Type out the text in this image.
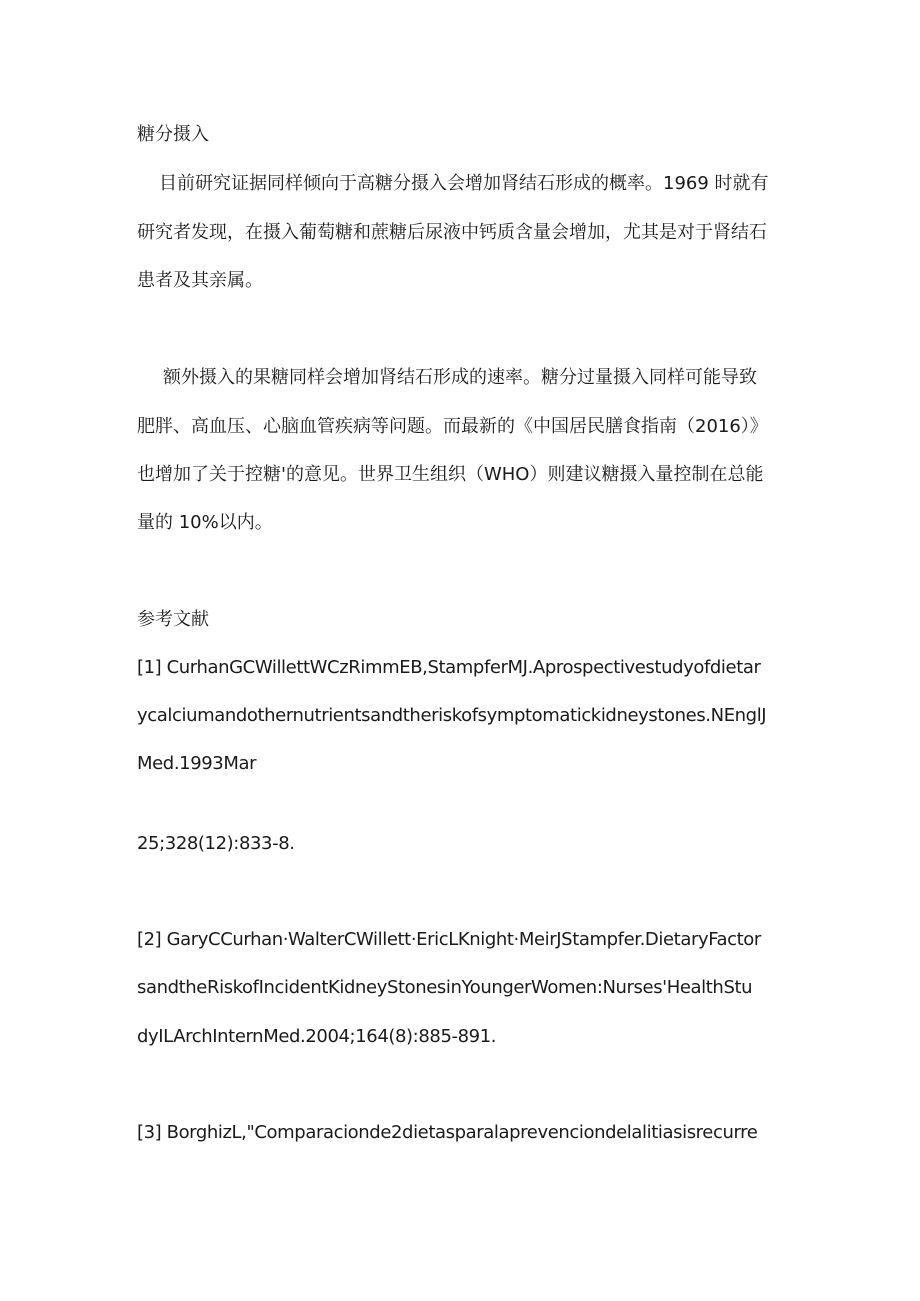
糖分摄入
目前研究证据同样倾向于高糖分摄入会增加肾结石形成的概率。1969 时就有
研究者发现，在摄入葡萄糖和蔗糖后尿液中钙质含量会增加，尤其是对于肾结石
患者及其亲属。
额外摄入的果糖同样会增加肾结石形成的速率。糖分过量摄入同样可能导致
肥胖、高血压、心脑血管疾病等问题。而最新的《中国居民膳食指南（2016）》
也增加了关于控糖'的意见。世界卫生组织（WHO）则建议糖摄入量控制在总能
量的 10%以内。
参考文献
[1] CurhanGCWillettWCzRimmEB,StampferMJ.Aprospectivestudyofdietar
ycalciumandothernutrientsandtheriskofsymptomatickidneystones.NEnglJ
Med.1993Mar
25;328(12):833-8.
[2] GaryCCurhan·WalterCWillett·EricLKnight·MeirJStampfer.DietaryFactor
sandtheRiskofIncidentKidneyStonesinYoungerWomen:Nurses'HealthStu
dyILArchInternMed.2004;164(8):885-891.
[3] BorghizL,"Comparaciondе2dietasparalaprevenciondelalitiasisrecurre
